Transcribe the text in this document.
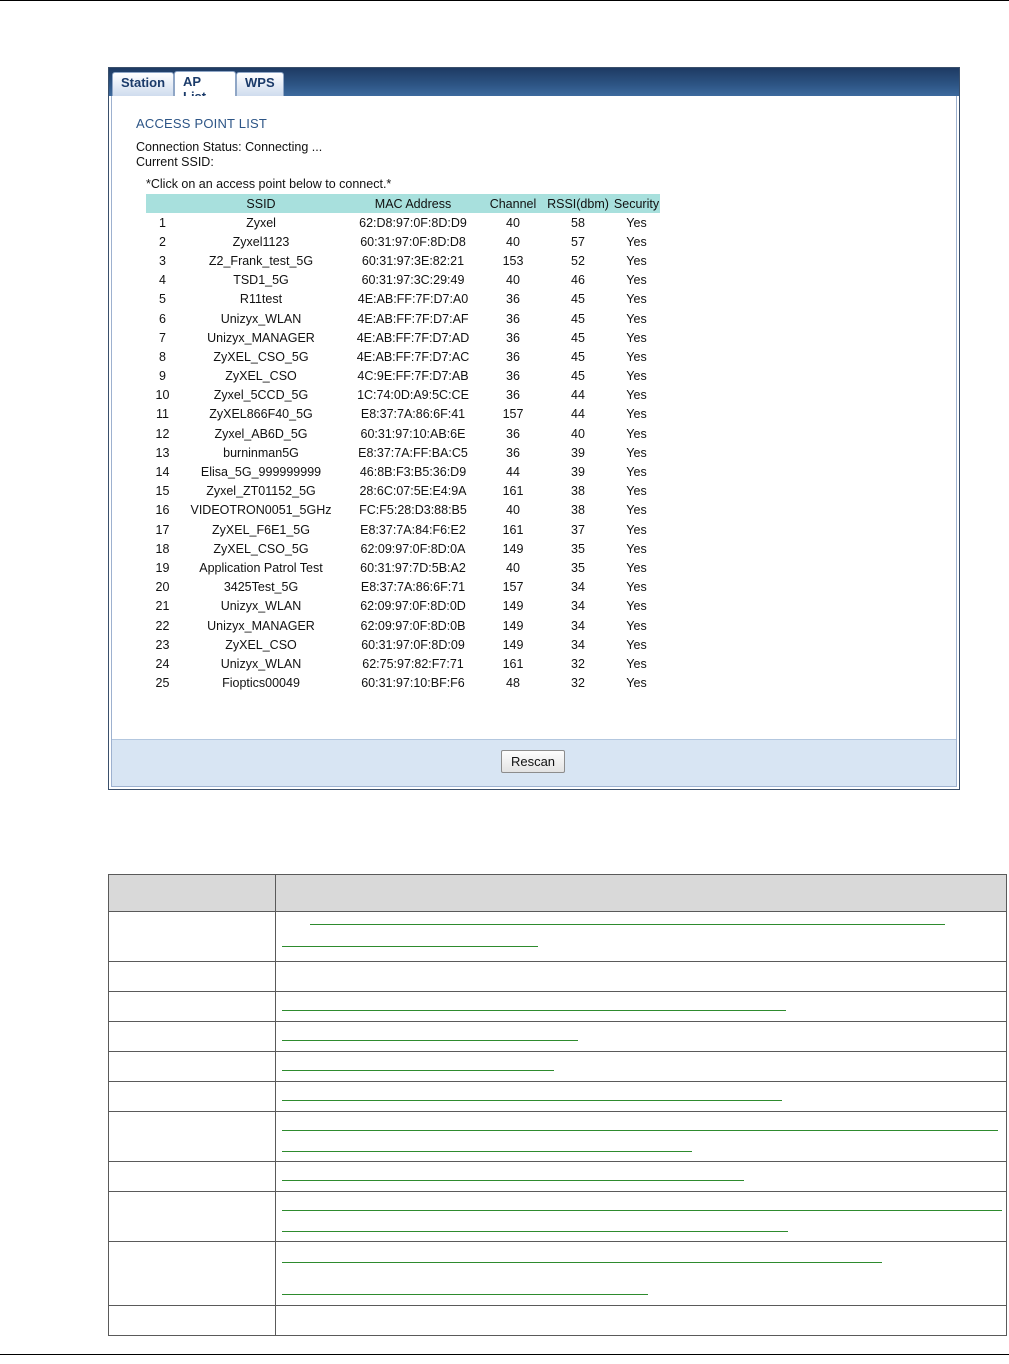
Station	AP	WPS
ACCESS POINT LIST
Connection Status: Connecting ...
Current SSID:
*Click on an access point below to connect.*
	SSID	MAC Address	Channel	RSSI(dbm)	Security
1	Zyxel	62:D8:97:0F:8D:D9	40	58	Yes
2	Zyxel1123	60:31:97:0F:8D:D8	40	57	Yes
3	Z2_Frank_test_5G	60:31:97:3E:82:21	153	52	Yes
4	TSD1_5G	60:31:97:3C:29:49	40	46	Yes
5	R11test	4E:AB:FF:7F:D7:A0	36	45	Yes
6	Unizyx_WLAN	4E:AB:FF:7F:D7:AF	36	45	Yes
7	Unizyx_MANAGER	4E:AB:FF:7F:D7:AD	36	45	Yes
8	ZyXEL_CSO_5G	4E:AB:FF:7F:D7:AC	36	45	Yes
9	ZyXEL_CSO	4C:9E:FF:7F:D7:AB	36	45	Yes
10	Zyxel_5CCD_5G	1C:74:0D:A9:5C:CE	36	44	Yes
11	ZyXEL866F40_5G	E8:37:7A:86:6F:41	157	44	Yes
12	Zyxel_AB6D_5G	60:31:97:10:AB:6E	36	40	Yes
13	burninman5G	E8:37:7A:FF:BA:C5	36	39	Yes
14	Elisa_5G_999999999	46:8B:F3:B5:36:D9	44	39	Yes
15	Zyxel_ZT01152_5G	28:6C:07:5E:E4:9A	161	38	Yes
16	VIDEOTRON0051_5GHz	FC:F5:28:D3:88:B5	40	38	Yes
17	ZyXEL_F6E1_5G	E8:37:7A:84:F6:E2	161	37	Yes
18	ZyXEL_CSO_5G	62:09:97:0F:8D:0A	149	35	Yes
19	Application Patrol Test	60:31:97:7D:5B:A2	40	35	Yes
20	3425Test_5G	E8:37:7A:86:6F:71	157	34	Yes
21	Unizyx_WLAN	62:09:97:0F:8D:0D	149	34	Yes
22	Unizyx_MANAGER	62:09:97:0F:8D:0B	149	34	Yes
23	ZyXEL_CSO	60:31:97:0F:8D:09	149	34	Yes
24	Unizyx_WLAN	62:75:97:82:F7:71	161	32	Yes
25	Fioptics00049	60:31:97:10:BF:F6	48	32	Yes
Rescan
